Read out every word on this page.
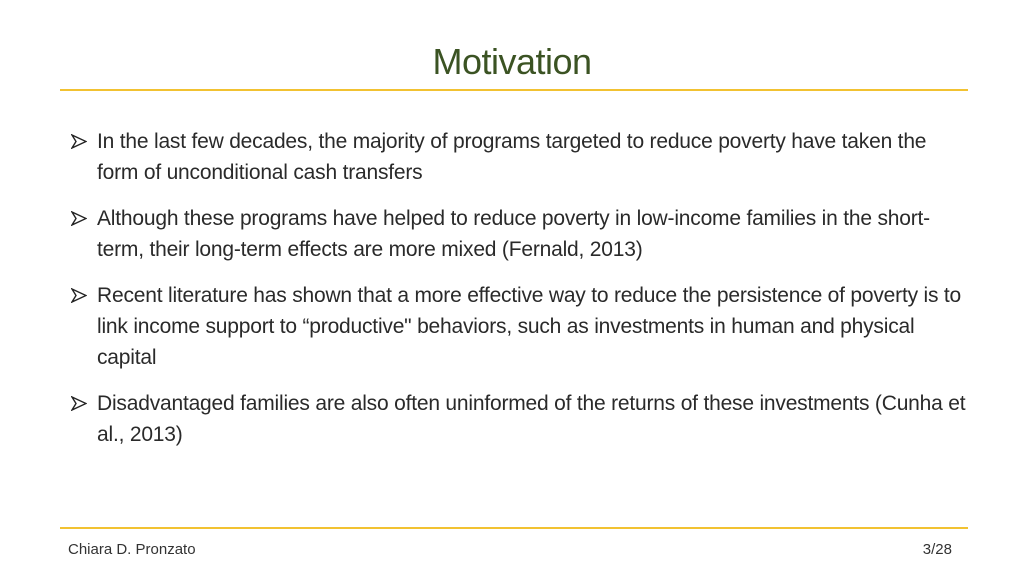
Motivation
In the last few decades, the majority of programs targeted to reduce poverty have taken the form of unconditional cash transfers
Although these programs have helped to reduce poverty in low-income families in the short-term, their long-term effects are more mixed (Fernald, 2013)
Recent literature has shown that a more effective way to reduce the persistence of poverty is to link income support to “productive" behaviors, such as investments in human and physical capital
Disadvantaged families are also often uninformed of the returns of these investments (Cunha et al., 2013)
Chiara D. Pronzato	3/28
